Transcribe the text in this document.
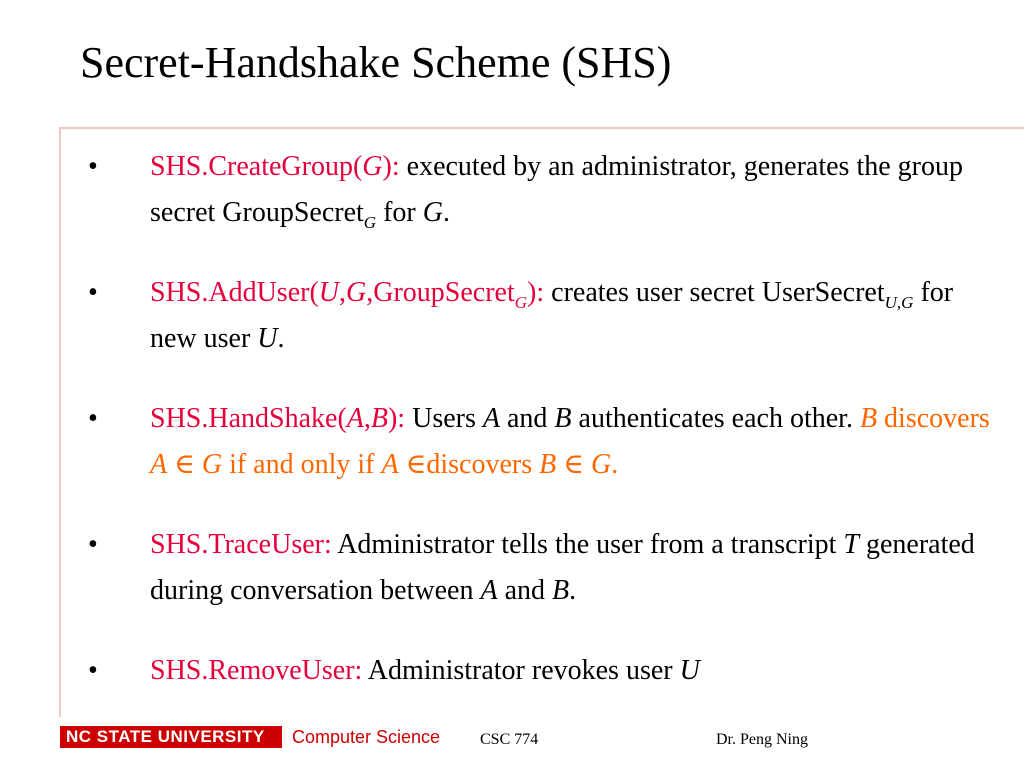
Secret-Handshake Scheme (SHS)
•	SHS.CreateGroup(G): executed by an administrator, generates the group secret GroupSecret$_G$ for G.
•	SHS.AddUser(U,G,GroupSecret$_G$): creates user secret UserSecret$_{U,G}$ for new user U.
•	SHS.HandShake(A,B): Users A and B authenticates each other. B discovers A ∈ G if and only if A ∈discovers B ∈ G.
•	SHS.TraceUser: Administrator tells the user from a transcript T generated during conversation between A and B.
•	SHS.RemoveUser: Administrator revokes user U
NC STATE UNIVERSITY	Computer Science CSC 774	Dr. Peng Ning
